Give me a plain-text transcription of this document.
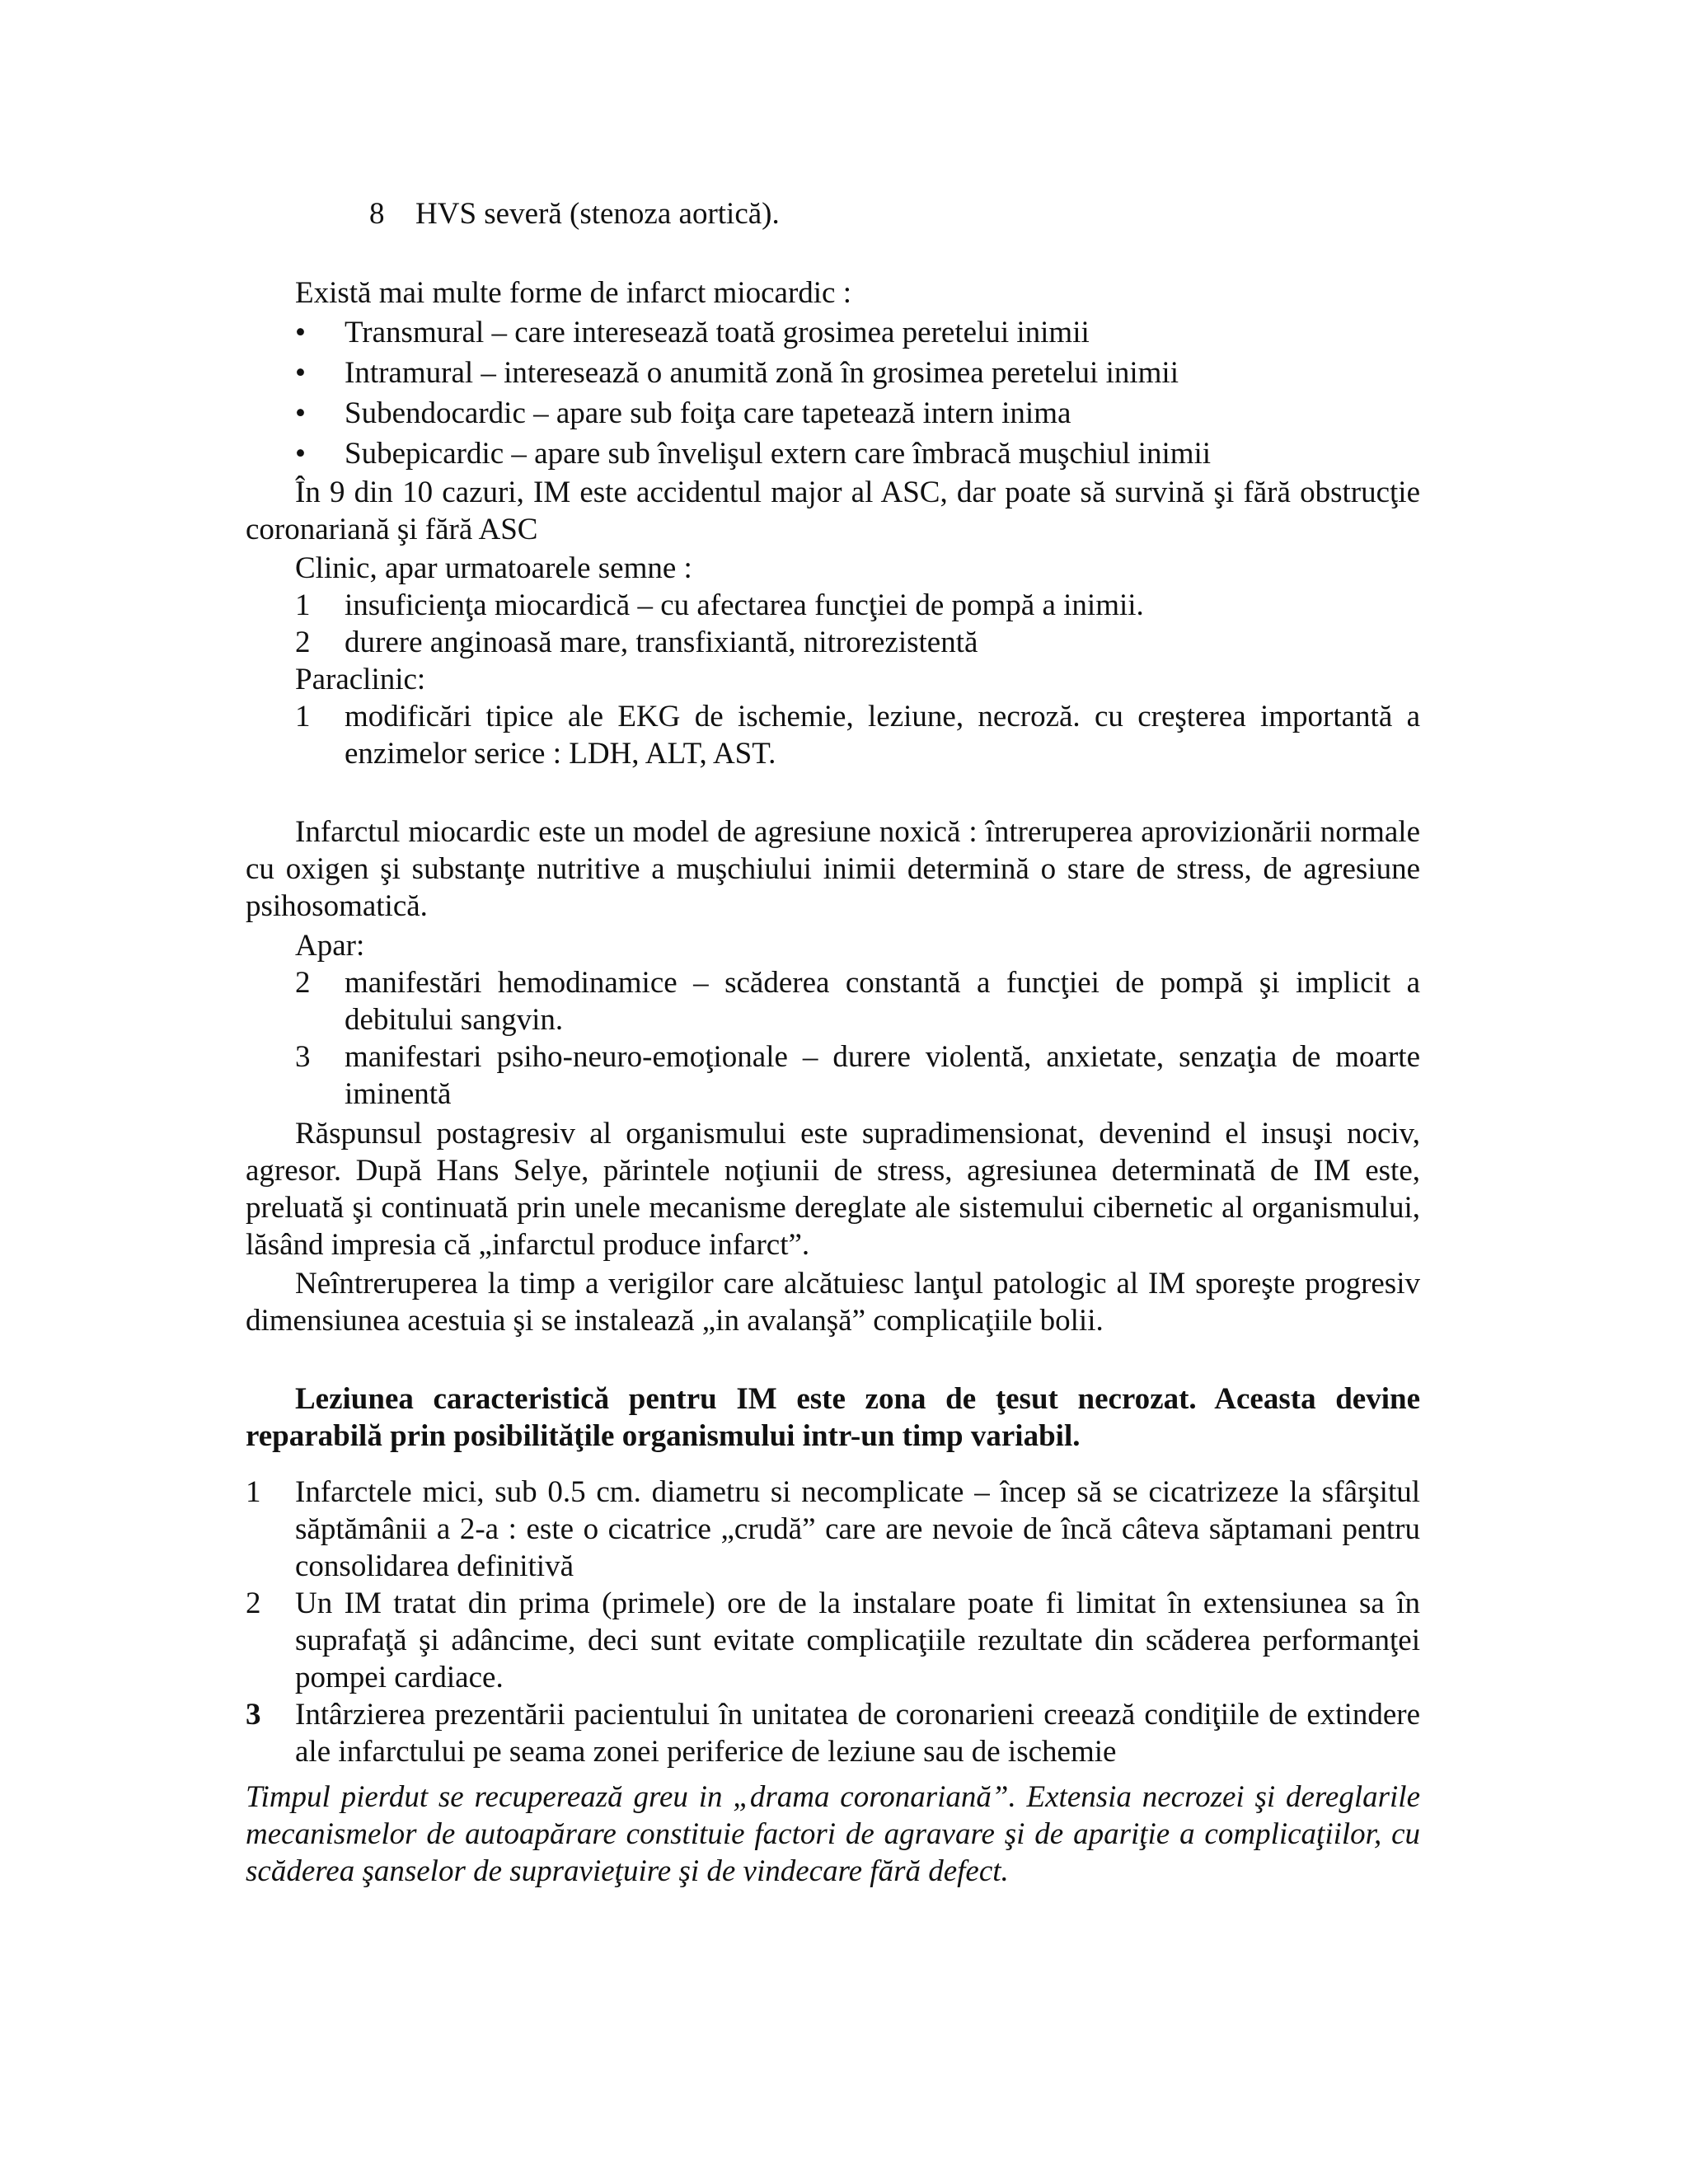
8	HVS severă (stenoza aortică).
Există mai multe forme de infarct miocardic :
•	Transmural – care interesează toată grosimea peretelui inimii
•	Intramural – interesează o anumită zonă în grosimea peretelui inimii
•	Subendocardic – apare sub foiţa care tapetează intern inima
•	Subepicardic – apare sub învelişul extern care îmbracă muşchiul inimii
În 9 din 10 cazuri, IM este accidentul major al ASC, dar poate să survină şi fără obstrucţie coronariană şi fără ASC
Clinic, apar urmatoarele semne :
1	insuficienţa miocardică – cu afectarea funcţiei de pompă a inimii.
2	durere anginoasă mare, transfixiantă, nitrorezistentă
Paraclinic:
1	modificări tipice ale EKG de ischemie, leziune, necroză. cu creşterea importantă a enzimelor serice : LDH, ALT, AST.
Infarctul miocardic este un model de agresiune noxică : întreruperea aprovizionării normale cu oxigen şi substanţe nutritive a muşchiului inimii determină o stare de stress, de agresiune psihosomatică.
Apar:
2	manifestări hemodinamice – scăderea constantă a funcţiei de pompă şi implicit a debitului sangvin.
3	manifestari psiho-neuro-emoţionale – durere violentă, anxietate, senzaţia de moarte iminentă
Răspunsul postagresiv al organismului este supradimensionat, devenind el insuşi nociv, agresor. După Hans Selye, părintele noţiunii de stress, agresiunea determinată de IM este, preluată şi continuată prin unele mecanisme dereglate ale sistemului cibernetic al organismului, lăsând impresia că „infarctul produce infarct”.
Neîntreruperea la timp a verigilor care alcătuiesc lanţul patologic al IM sporeşte progresiv dimensiunea acestuia şi se instalează „in avalanşă” complicaţiile bolii.
Leziunea caracteristică pentru IM este zona de ţesut necrozat. Aceasta devine reparabilă prin posibilităţile organismului intr-un timp variabil.
1	Infarctele mici, sub 0.5 cm. diametru si necomplicate – încep să se cicatrizeze la sfârşitul săptămânii a 2-a : este o cicatrice „crudă” care are nevoie de încă câteva săptamani pentru consolidarea definitivă
2	Un IM tratat din prima (primele) ore de la instalare poate fi limitat în extensiunea sa în suprafaţă şi adâncime, deci sunt evitate complicaţiile rezultate din scăderea performanţei pompei cardiace.
3	Intârzierea prezentării pacientului în unitatea de coronarieni creează condiţiile de extindere ale infarctului pe seama zonei periferice de leziune sau de ischemie
Timpul pierdut se recuperează greu in „drama coronariană”. Extensia necrozei şi dereglarile mecanismelor de autoapărare constituie factori de agravare şi de apariţie a complicaţiilor, cu scăderea şanselor de supravieţuire şi de vindecare fără defect.
